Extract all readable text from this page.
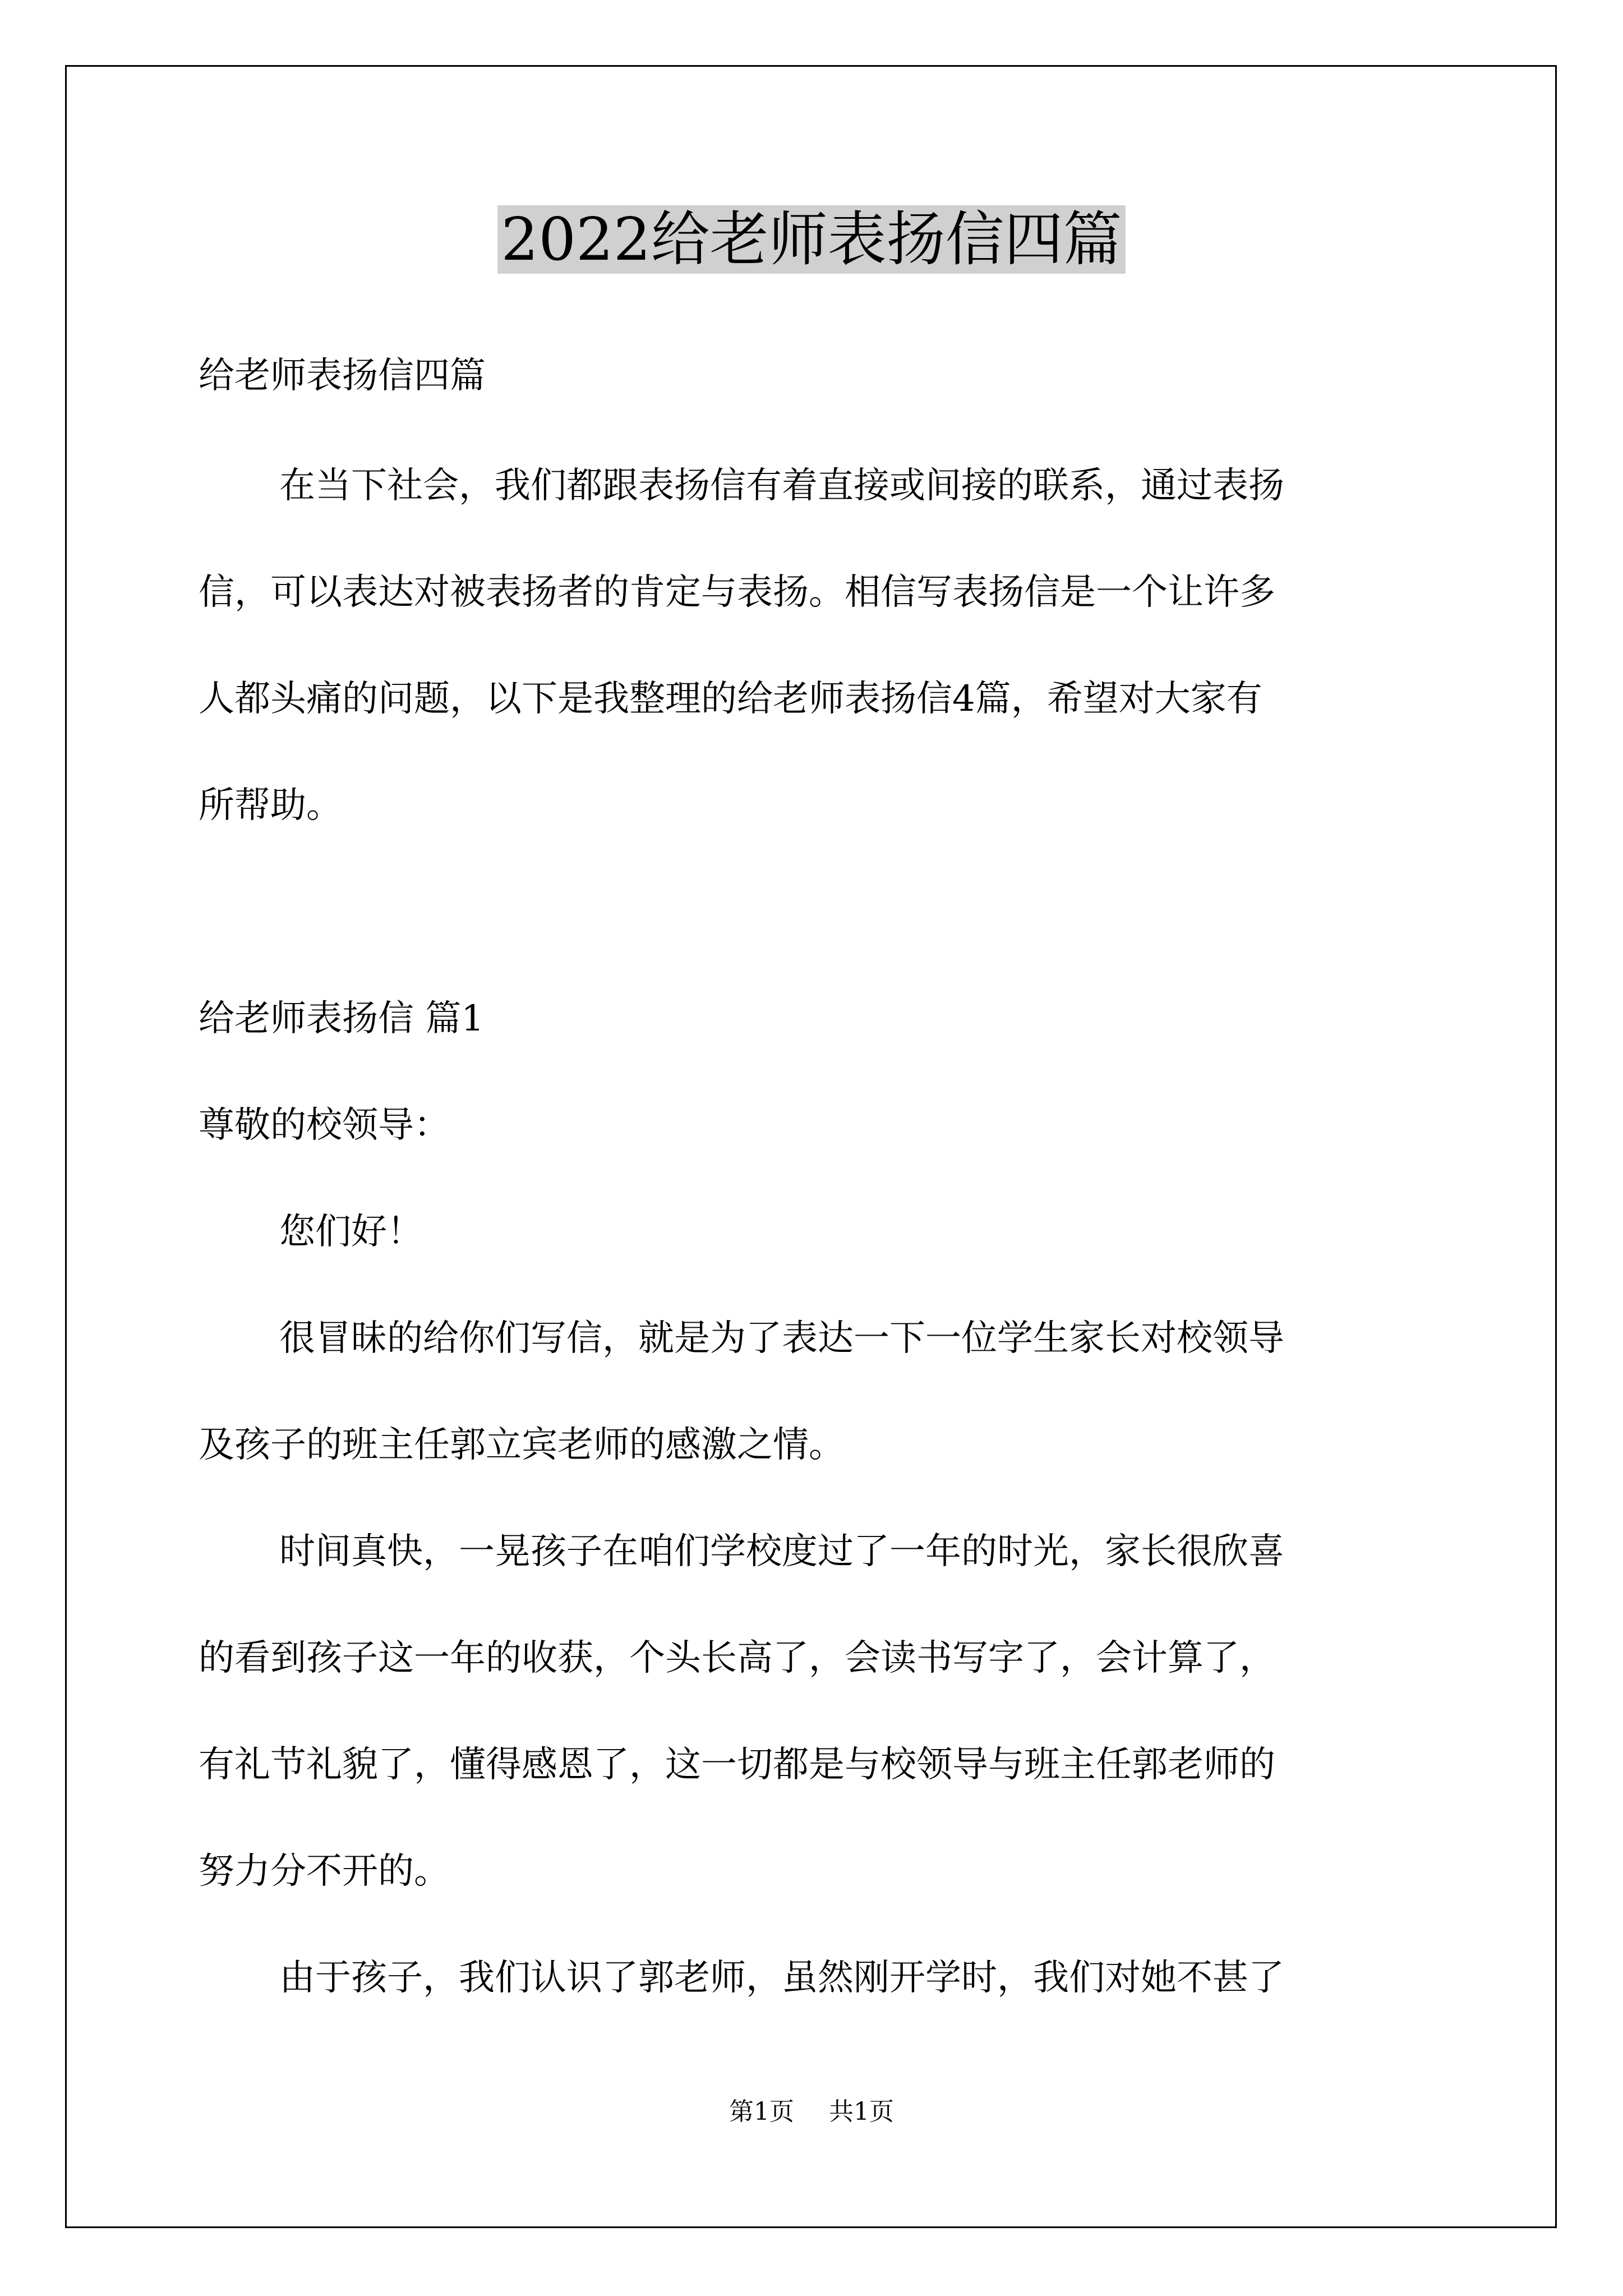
2022给老师表扬信四篇
给老师表扬信四篇
在当下社会，我们都跟表扬信有着直接或间接的联系，通过表扬
信，可以表达对被表扬者的肯定与表扬。相信写表扬信是一个让许多
人都头痛的问题，以下是我整理的给老师表扬信4篇，希望对大家有
所帮助。
给老师表扬信 篇1
尊敬的校领导：
您们好！
很冒昧的给你们写信，就是为了表达一下一位学生家长对校领导
及孩子的班主任郭立宾老师的感激之情。
时间真快，一晃孩子在咱们学校度过了一年的时光，家长很欣喜
的看到孩子这一年的收获，个头长高了，会读书写字了，会计算了，
有礼节礼貌了，懂得感恩了，这一切都是与校领导与班主任郭老师的
努力分不开的。
由于孩子，我们认识了郭老师，虽然刚开学时，我们对她不甚了
第1页 共1页
